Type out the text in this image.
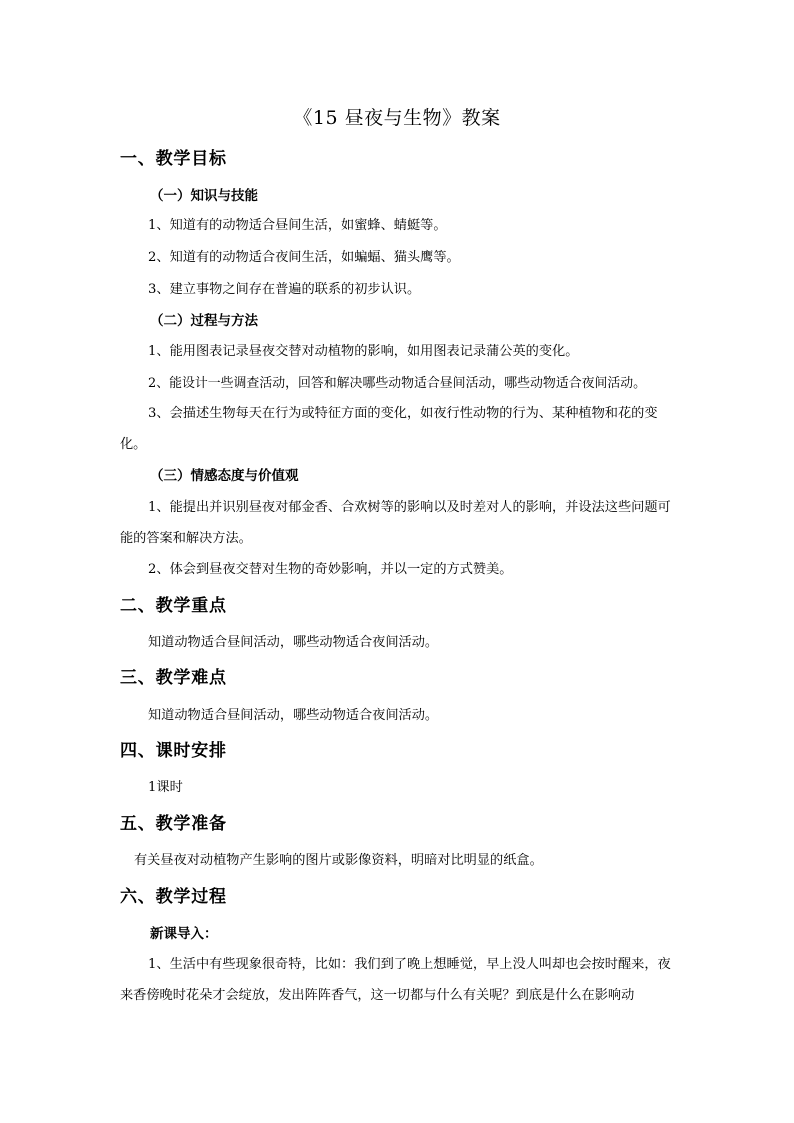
《15 昼夜与生物》教案
一、教学目标
（一）知识与技能
1、知道有的动物适合昼间生活，如蜜蜂、蜻蜓等。
2、知道有的动物适合夜间生活，如蝙蝠、猫头鹰等。
3、建立事物之间存在普遍的联系的初步认识。
（二）过程与方法
1、能用图表记录昼夜交替对动植物的影响，如用图表记录蒲公英的变化。
2、能设计一些调查活动，回答和解决哪些动物适合昼间活动，哪些动物适合夜间活动。
3、会描述生物每天在行为或特征方面的变化，如夜行性动物的行为、某种植物和花的变化。
（三）情感态度与价值观
1、能提出并识别昼夜对郁金香、合欢树等的影响以及时差对人的影响，并设法这些问题可能的答案和解决方法。
2、体会到昼夜交替对生物的奇妙影响，并以一定的方式赞美。
二、教学重点
知道动物适合昼间活动，哪些动物适合夜间活动。
三、教学难点
知道动物适合昼间活动，哪些动物适合夜间活动。
四、课时安排
1课时
五、教学准备
有关昼夜对动植物产生影响的图片或影像资料，明暗对比明显的纸盒。
六、教学过程
新课导入：
1、生活中有些现象很奇特，比如：我们到了晚上想睡觉，早上没人叫却也会按时醒来，夜来香傍晚时花朵才会绽放，发出阵阵香气，这一切都与什么有关呢？到底是什么在影响动
